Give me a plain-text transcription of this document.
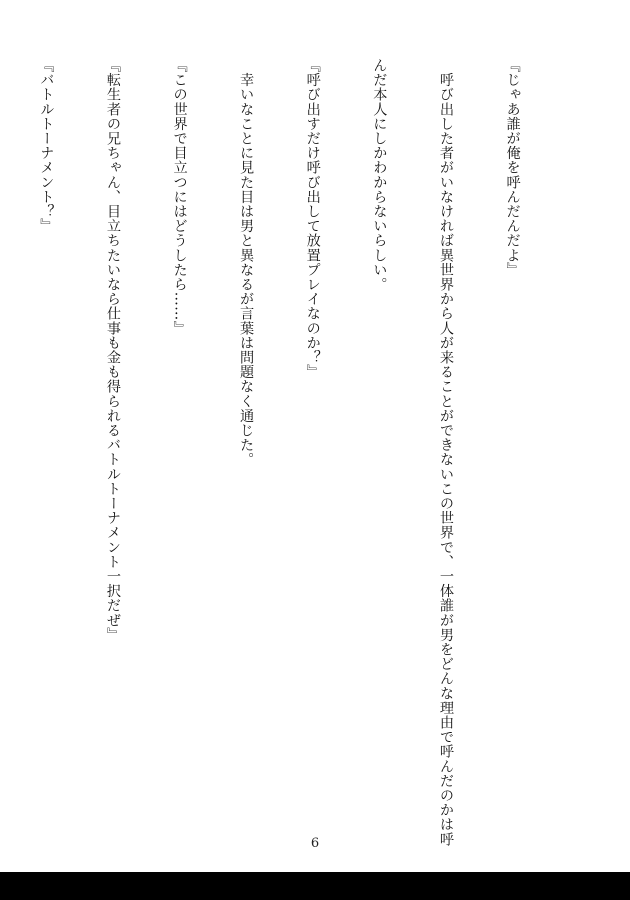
『じゃあ誰が俺を呼んだんだよ』

　呼び出した者がいなければ異世界から人が来ることができないこの世界で、一体誰が男をどんな理由で呼んだのかは呼

んだ本人にしかわからないらしい。

『呼び出すだけ呼び出して放置プレイなのか？』

　幸いなことに見た目は男と異なるが言葉は問題なく通じた。

『この世界で目立つにはどうしたら……』

『転生者の兄ちゃん、目立ちたいなら仕事も金も得られるバトルトーナメント一択だぜ』

『バトルトーナメント？』

6
